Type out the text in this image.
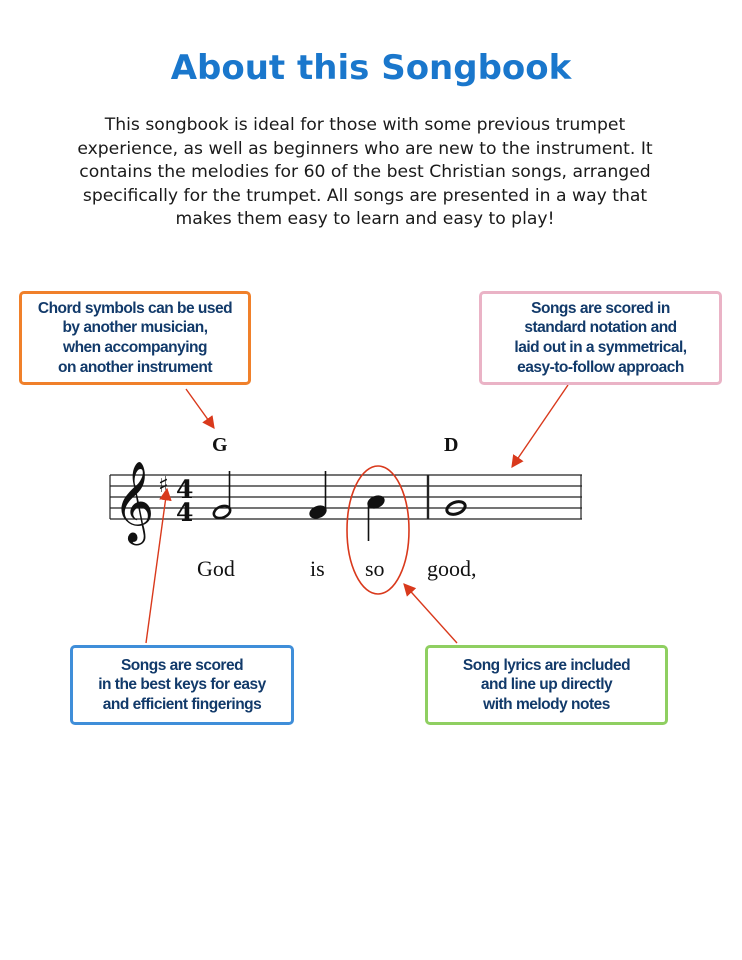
About this Songbook
This songbook is ideal for those with some previous trumpet
experience, as well as beginners who are new to the instrument. It
contains the melodies for 60 of the best Christian songs, arranged
specifically for the trumpet. All songs are presented in a way that
makes them easy to learn and easy to play!
𝄞 ♯ 4
4
G	D
God	is so good,
Chord symbols can be used
by another musician,
when accompanying
on another instrument
Songs are scored in
standard notation and
laid out in a symmetrical,
easy-to-follow approach
Songs are scored
in the best keys for easy
and efficient fingerings
Song lyrics are included
and line up directly
with melody notes
